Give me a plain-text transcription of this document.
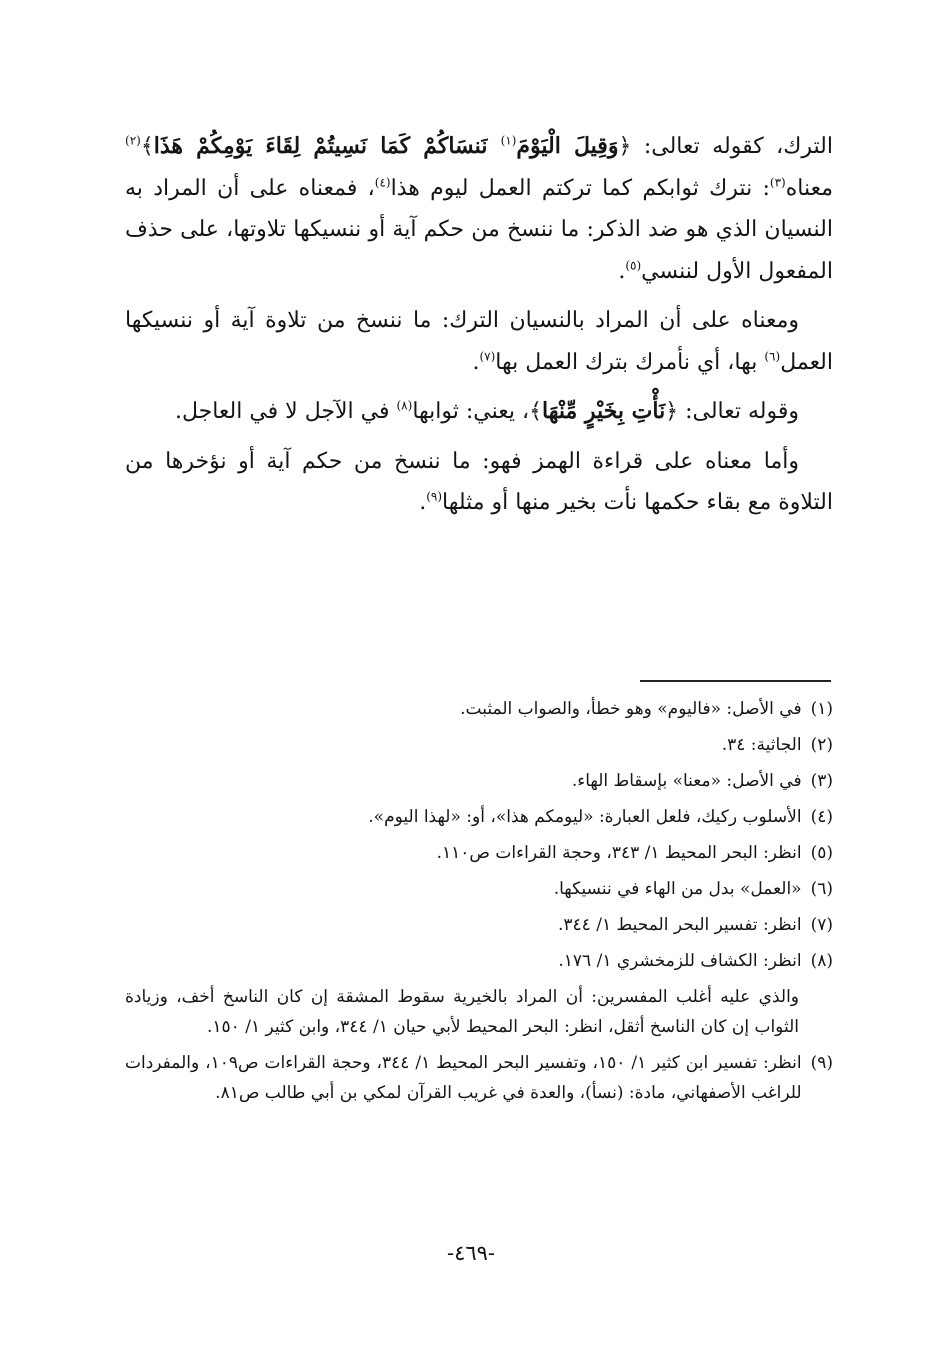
الترك، كقوله تعالى: ﴿وَقِيلَ الْيَوْمَ$^{(١)}$ نَنسَاكُمْ كَمَا نَسِيتُمْ لِقَاءَ يَوْمِكُمْ هَذَا﴾$^{(٢)}$ معناه$^{(٣)}$: نترك ثوابكم كما تركتم العمل ليوم هذا$^{(٤)}$، فمعناه على أن المراد به النسيان الذي هو ضد الذكر: ما ننسخ من حكم آية أو ننسيكها تلاوتها، على حذف المفعول الأول لننسي$^{(٥)}$.

ومعناه على أن المراد بالنسيان الترك: ما ننسخ من تلاوة آية أو ننسيكها العمل$^{(٦)}$ بها، أي نأمرك بترك العمل بها$^{(٧)}$.

وقوله تعالى: ﴿نَأْتِ بِخَيْرٍ مِّنْهَا﴾، يعني: ثوابها$^{(٨)}$ في الآجل لا في العاجل.

وأما معناه على قراءة الهمز فهو: ما ننسخ من حكم آية أو نؤخرها من التلاوة مع بقاء حكمها نأت بخير منها أو مثلها$^{(٩)}$.

(١)
في الأصل: «فاليوم» وهو خطأ، والصواب المثبت.
(٢)
الجاثية: ٣٤.
(٣)
في الأصل: «معنا» بإسقاط الهاء.
(٤)
الأسلوب ركيك، فلعل العبارة: «ليومكم هذا»، أو: «لهذا اليوم».
(٥)
انظر: البحر المحيط ١/ ٣٤٣، وحجة القراءات ص١١٠.
(٦)
«العمل» بدل من الهاء في ننسيكها.
(٧)
انظر: تفسير البحر المحيط ١/ ٣٤٤.
(٨)
انظر: الكشاف للزمخشري ١/ ١٧٦.
والذي عليه أغلب المفسرين: أن المراد بالخيرية سقوط المشقة إن كان الناسخ أخف، وزيادة الثواب إن كان الناسخ أثقل، انظر: البحر المحيط لأبي حيان ١/ ٣٤٤، وابن كثير ١/ ١٥٠.
(٩)
انظر: تفسير ابن كثير ١/ ١٥٠، وتفسير البحر المحيط ١/ ٣٤٤، وحجة القراءات ص١٠٩، والمفردات للراغب الأصفهاني، مادة: (نسأ)، والعدة في غريب القرآن لمكي بن أبي طالب ص٨١.
-٤٦٩-
